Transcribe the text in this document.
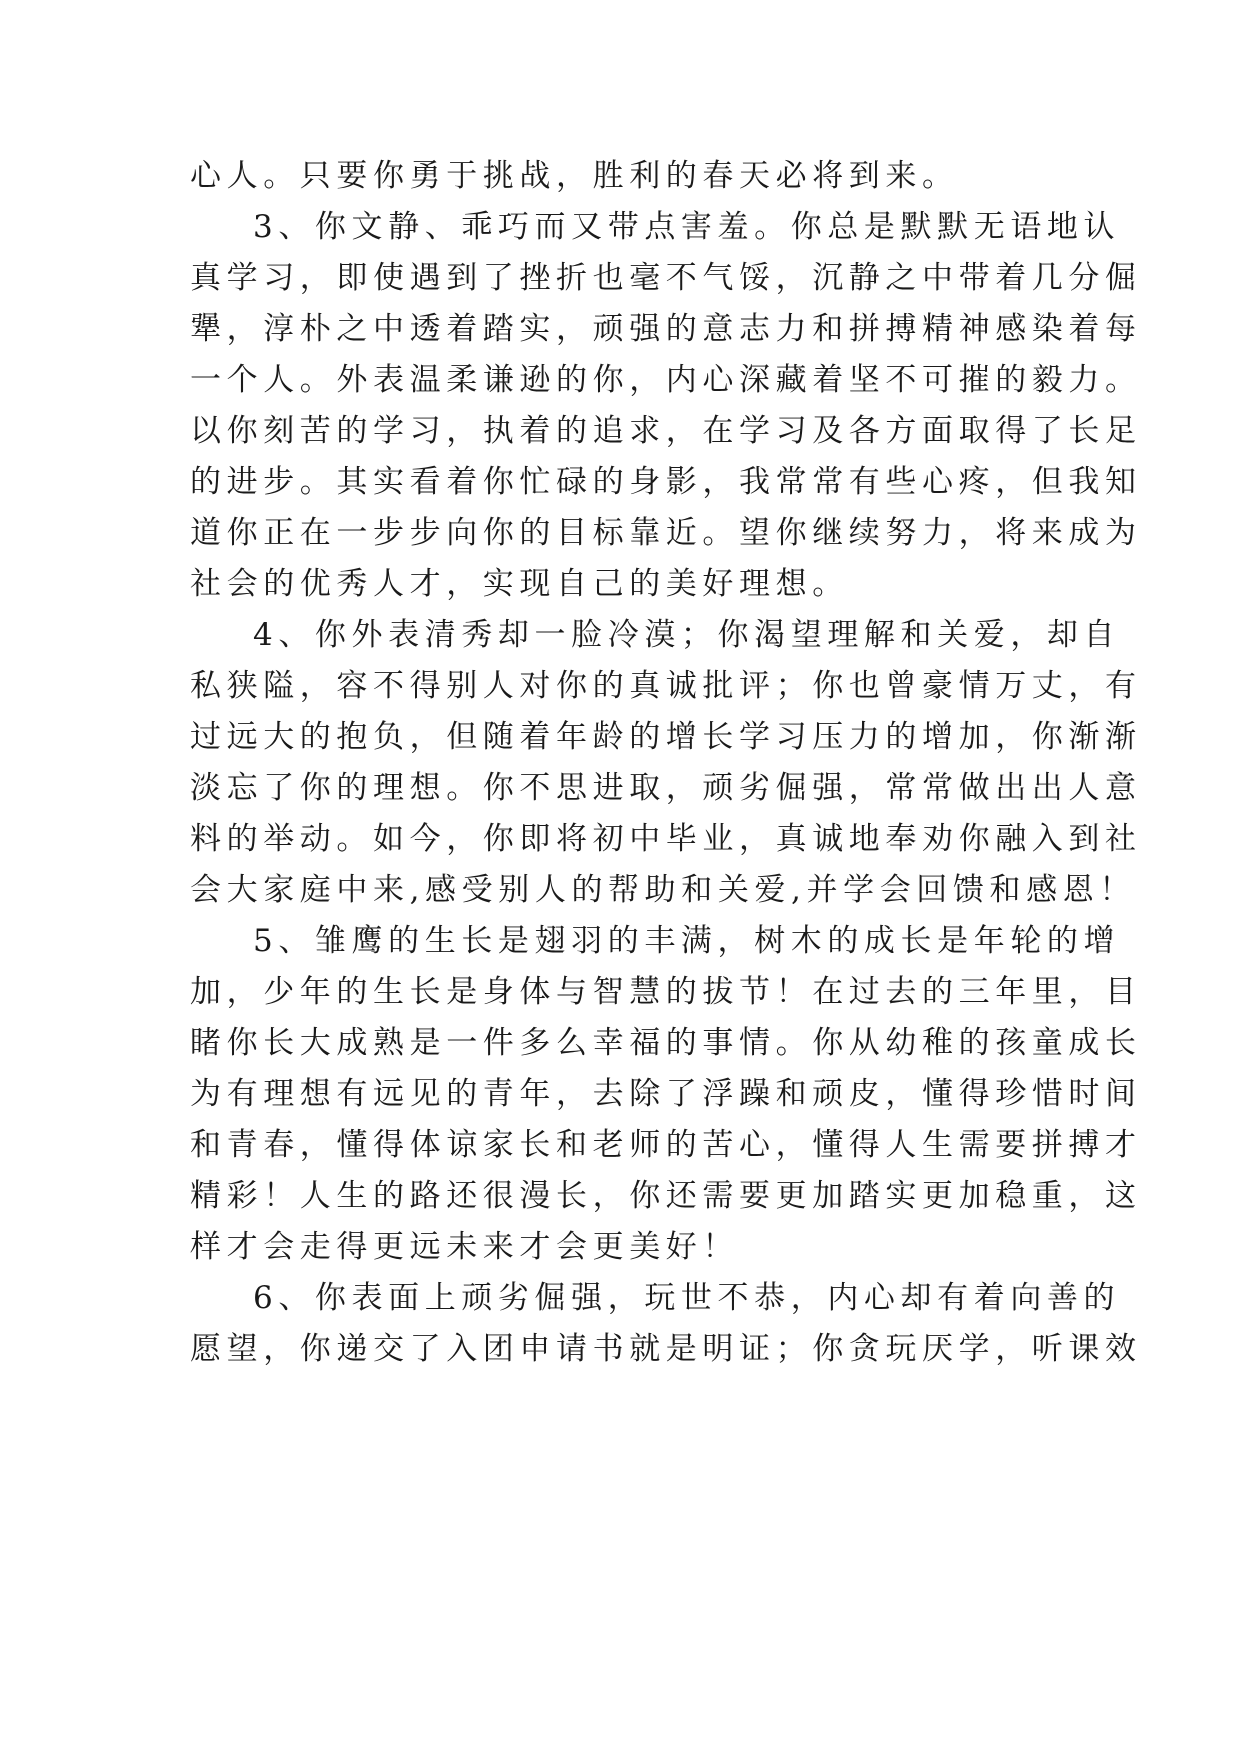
心人。只要你勇于挑战，胜利的春天必将到来。
3、你文静、乖巧而又带点害羞。你总是默默无语地认
真学习，即使遇到了挫折也毫不气馁，沉静之中带着几分倔
犟，淳朴之中透着踏实，顽强的意志力和拼搏精神感染着每
一个人。外表温柔谦逊的你，内心深藏着坚不可摧的毅力。
以你刻苦的学习，执着的追求，在学习及各方面取得了长足
的进步。其实看着你忙碌的身影，我常常有些心疼，但我知
道你正在一步步向你的目标靠近。望你继续努力，将来成为
社会的优秀人才，实现自己的美好理想。
4、你外表清秀却一脸冷漠；你渴望理解和关爱，却自
私狭隘，容不得别人对你的真诚批评；你也曾豪情万丈，有
过远大的抱负，但随着年龄的增长学习压力的增加，你渐渐
淡忘了你的理想。你不思进取，顽劣倔强，常常做出出人意
料的举动。如今，你即将初中毕业，真诚地奉劝你融入到社
会大家庭中来,感受别人的帮助和关爱,并学会回馈和感恩！
5、雏鹰的生长是翅羽的丰满，树木的成长是年轮的增
加，少年的生长是身体与智慧的拔节！在过去的三年里，目
睹你长大成熟是一件多么幸福的事情。你从幼稚的孩童成长
为有理想有远见的青年，去除了浮躁和顽皮，懂得珍惜时间
和青春，懂得体谅家长和老师的苦心，懂得人生需要拼搏才
精彩！人生的路还很漫长，你还需要更加踏实更加稳重，这
样才会走得更远未来才会更美好！
6、你表面上顽劣倔强，玩世不恭，内心却有着向善的
愿望，你递交了入团申请书就是明证；你贪玩厌学，听课效
